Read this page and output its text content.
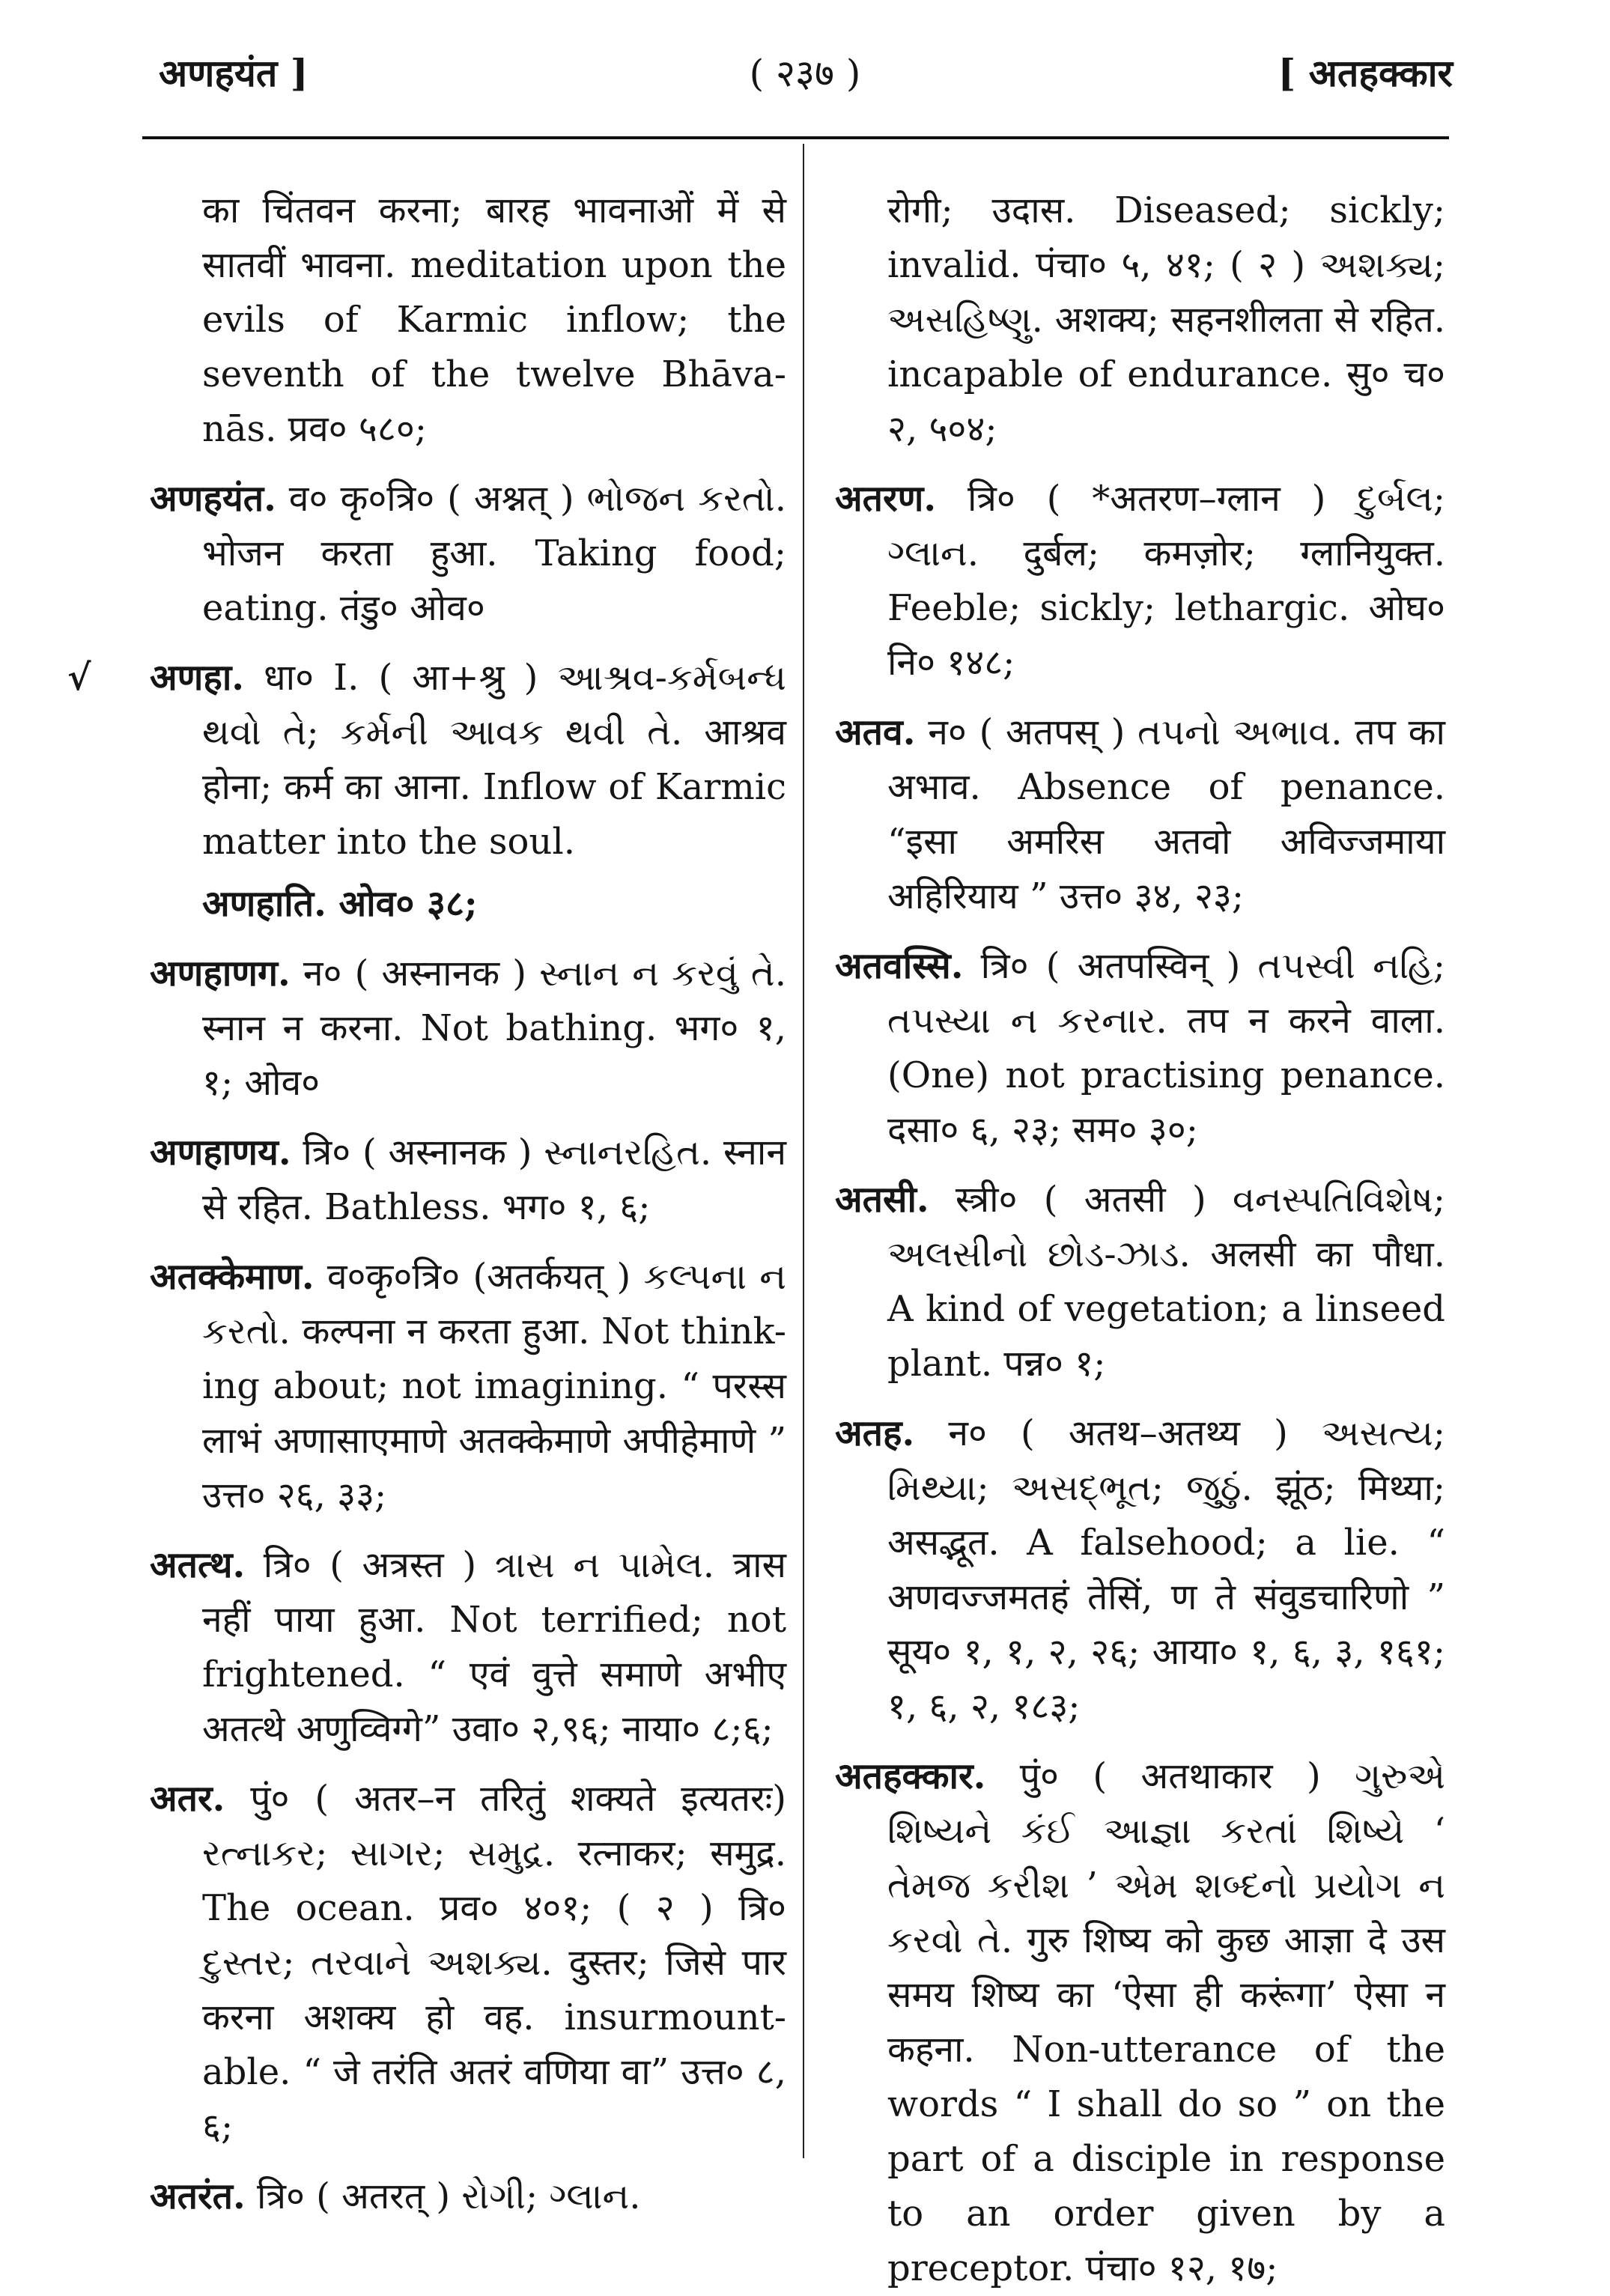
अणहयंत ]	( २३७ )	[ अतहक्कार
का चिंतवन करना; बारह भावनाओं में से सातवीं भावना. meditation upon the evils of Karmic inflow; the seventh of the twelve Bhāva-nās. प्रव० ५८०;
अणहयंत. व० कृ०त्रि० ( अश्नत् ) ભોજન કરતો. भोजन करता हुआ. Taking food; eating. तंडु० ओव०
√	अणहा. धा० I. ( आ+श्रु ) આશ્રવ-કર્મબન્ધ થવો તે; કર્મની આવક થવી તે. आश्रव होना; कर्म का आना. Inflow of Karmic matter into the soul.
अणहाति. ओव० ३८;
अणहाणग. न० ( अस्नानक ) સ્નાન ન કરવું તે. स्नान न करना. Not bathing. भग० १, १; ओव०
अणहाणय. त्रि० ( अस्नानक ) સ્નાનરહિત. स्नान से रहित. Bathless. भग० १, ६;
अतक्केमाण. व०कृ०त्रि० (अतर्कयत् ) કલ્પના ન કરતો. कल्पना न करता हुआ. Not think-ing about; not imagining. “ परस्स लाभं अणासाएमाणे अतक्केमाणे अपीहेमाणे ” उत्त० २६, ३३;
अतत्थ. त्रि० ( अत्रस्त ) ત્રાસ ન પામેલ. त्रास नहीं पाया हुआ. Not terrified; not frightened. “ एवं वुत्ते समाणे अभीए अतत्थे अणुव्विग्गे” उवा० २,९६; नाया० ८;६;
अतर. पुं० ( अतर–न तरितुं शक्यते इत्यतरः) રત્નાકર; સાગર; સમુદ્ર. रत्नाकर; समुद्र. The ocean. प्रव० ४०१; ( २ ) त्रि० દુસ્તર; તરવાને અશક્ય. दुस्तर; जिसे पार करना अशक्य हो वह. insurmount-able. “ जे तरंति अतरं वणिया वा” उत्त० ८, ६;
अतरंत. त्रि० ( अतरत् ) રોગી; ગ્લાન.
रोगी; उदास. Diseased; sickly; invalid. पंचा० ५, ४१; ( २ ) અશક્ય; અસહિષ્ણુ. अशक्य; सहनशीलता से रहित. incapable of endurance. सु० च० २, ५०४;
अतरण. त्रि० ( *अतरण–ग्लान ) દુર્બલ; ગ્લાન. दुर्बल; कमज़ोर; ग्लानियुक्त. Feeble; sickly; lethargic. ओघ० नि० १४८;
अतव. न० ( अतपस् ) તપનો અભાવ. तप का अभाव. Absence of penance. “इसा अमरिस अतवो अविज्जमाया अहिरियाय ” उत्त० ३४, २३;
अतवस्सि. त्रि० ( अतपस्विन् ) તપસ્વી નહિ; તપસ્યા ન કરનાર. तप न करने वाला. (One) not practising penance. दसा० ६, २३; सम० ३०;
अतसी. स्त्री० ( अतसी ) વનસ્પતિવિશેષ; અલસીનો છોડ-ઝાડ. अलसी का पौधा. A kind of vegetation; a linseed plant. पन्न० १;
अतह. न० ( अतथ–अतथ्य ) અસત્ય; મિથ્યા; અસદ્ભૂત; જુઠું. झूंठ; मिथ्या; असद्भूत. A falsehood; a lie. “ अणवज्जमतहं तेसिं, ण ते संवुडचारिणो ” सूय० १, १, २, २६; आया० १, ६, ३, १६१; १, ६, २, १८३;
अतहक्कार. पुं० ( अतथाकार ) ગુરુએ શિષ્યને કંઈ આજ્ઞા કરતાં શિષ્યે ‘ તેમજ કરીશ ’ એમ શબ્દનો પ્રયોગ ન કરવો તે. गुरु शिष्य को कुछ आज्ञा दे उस समय शिष्य का ‘ऐसा ही करूंगा’ ऐसा न कहना. Non-utterance of the words “ I shall do so ” on the part of a disciple in response to an order given by a preceptor. पंचा० १२, १७;
